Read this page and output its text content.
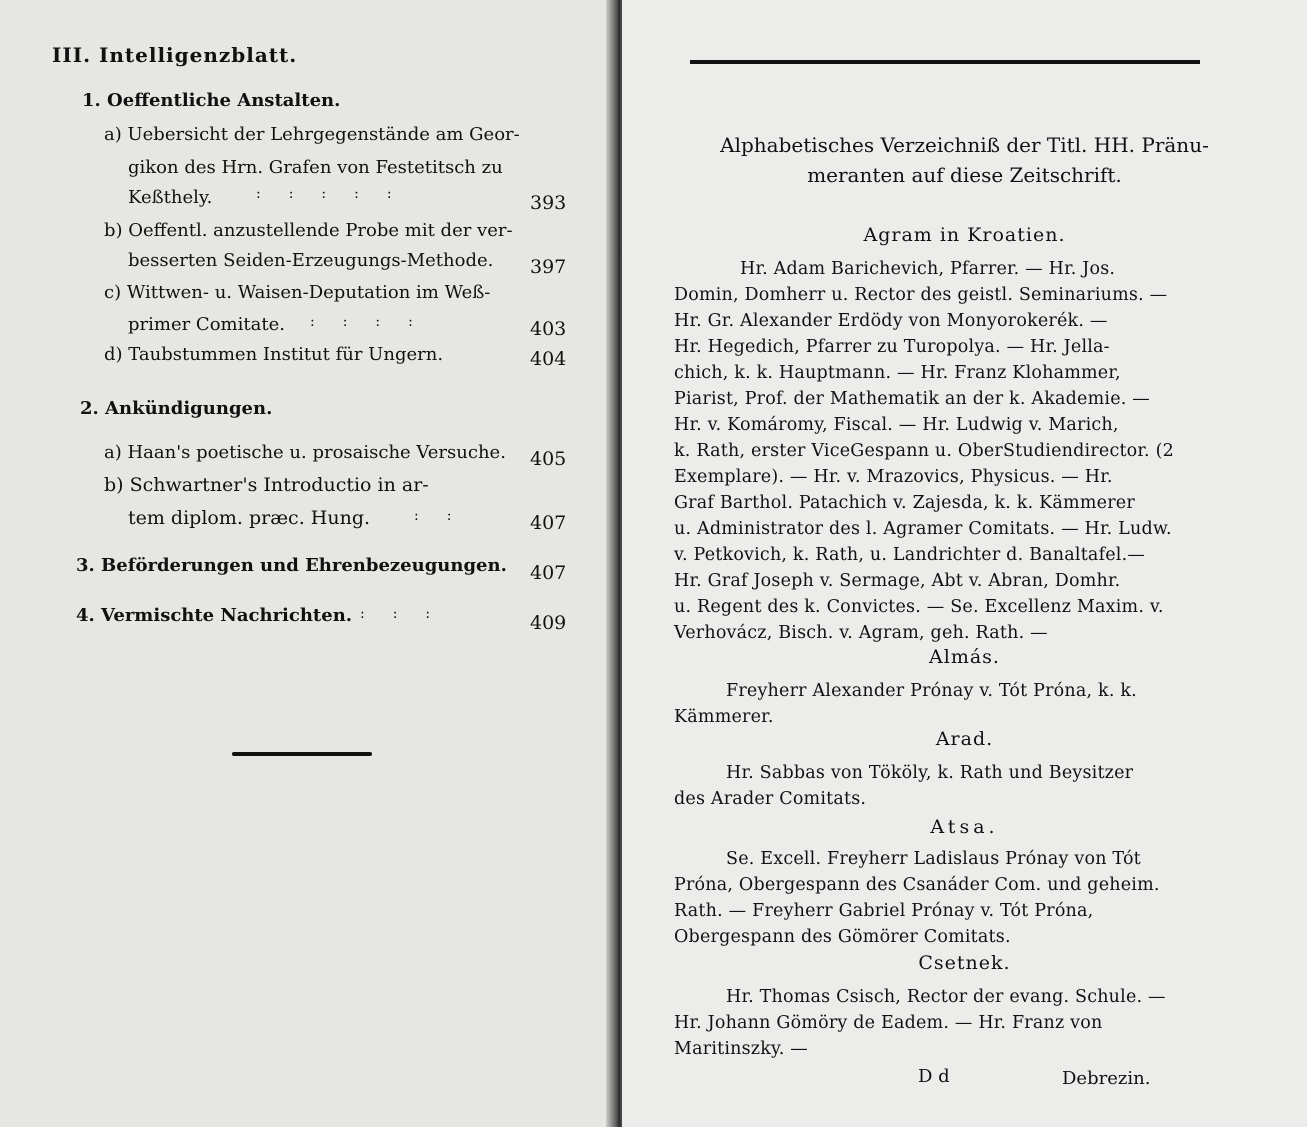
III. Intelligenzblatt.
1. Oeffentliche Anstalten.
a) Uebersicht der Lehrgegenstände am Geor-
gikon des Hrn. Grafen von Festetitsch zu
Keßthely.	:::::	393
b) Oeffentl. anzustellende Probe mit der ver-
besserten Seiden-Erzeugungs-Methode. 397
c) Wittwen- u. Waisen-Deputation im Weß-
primer Comitate. ::::	403
d) Taubstummen Institut für Ungern.	404
2. Ankündigungen.
a) Haan's poetische u. prosaische Versuche. 405
b) Schwartner's Introductio in ar-
tem diplom. præc. Hung.	::	407
3. Beförderungen und Ehrenbezeugungen. 407
4. Vermischte Nachrichten. :::	409
Alphabetisches Verzeichniß der Titl. HH. Pränu-
meranten auf diese Zeitschrift.
Agram in Kroatien.
Hr. Adam Barichevich, Pfarrer. — Hr. Jos.
Domin, Domherr u. Rector des geistl. Seminariums. —
Hr. Gr. Alexander Erdödy von Monyorokerék. —
Hr. Hegedich, Pfarrer zu Turopolya. — Hr. Jella-
chich, k. k. Hauptmann. — Hr. Franz Klohammer,
Piarist, Prof. der Mathematik an der k. Akademie. —
Hr. v. Komáromy, Fiscal. — Hr. Ludwig v. Marich,
k. Rath, erster ViceGespann u. OberStudiendirector. (2
Exemplare). — Hr. v. Mrazovics, Physicus. — Hr.
Graf Barthol. Patachich v. Zajesda, k. k. Kämmerer
u. Administrator des l. Agramer Comitats. — Hr. Ludw.
v. Petkovich, k. Rath, u. Landrichter d. Banaltafel.—
Hr. Graf Joseph v. Sermage, Abt v. Abran, Domhr.
u. Regent des k. Convictes. — Se. Excellenz Maxim. v.
Verhovácz, Bisch. v. Agram, geh. Rath. —
Almás.
Freyherr Alexander Prónay v. Tót Próna, k. k.
Kämmerer.
Arad.
Hr. Sabbas von Tököly, k. Rath und Beysitzer
des Arader Comitats.
Atsa.
Se. Excell. Freyherr Ladislaus Prónay von Tót
Próna, Obergespann des Csanáder Com. und geheim.
Rath. — Freyherr Gabriel Prónay v. Tót Próna,
Obergespann des Gömörer Comitats.
Csetnek.
Hr. Thomas Csisch, Rector der evang. Schule. —
Hr. Johann Gömöry de Eadem. — Hr. Franz von
Maritinszky. —
D d	Debrezin.
